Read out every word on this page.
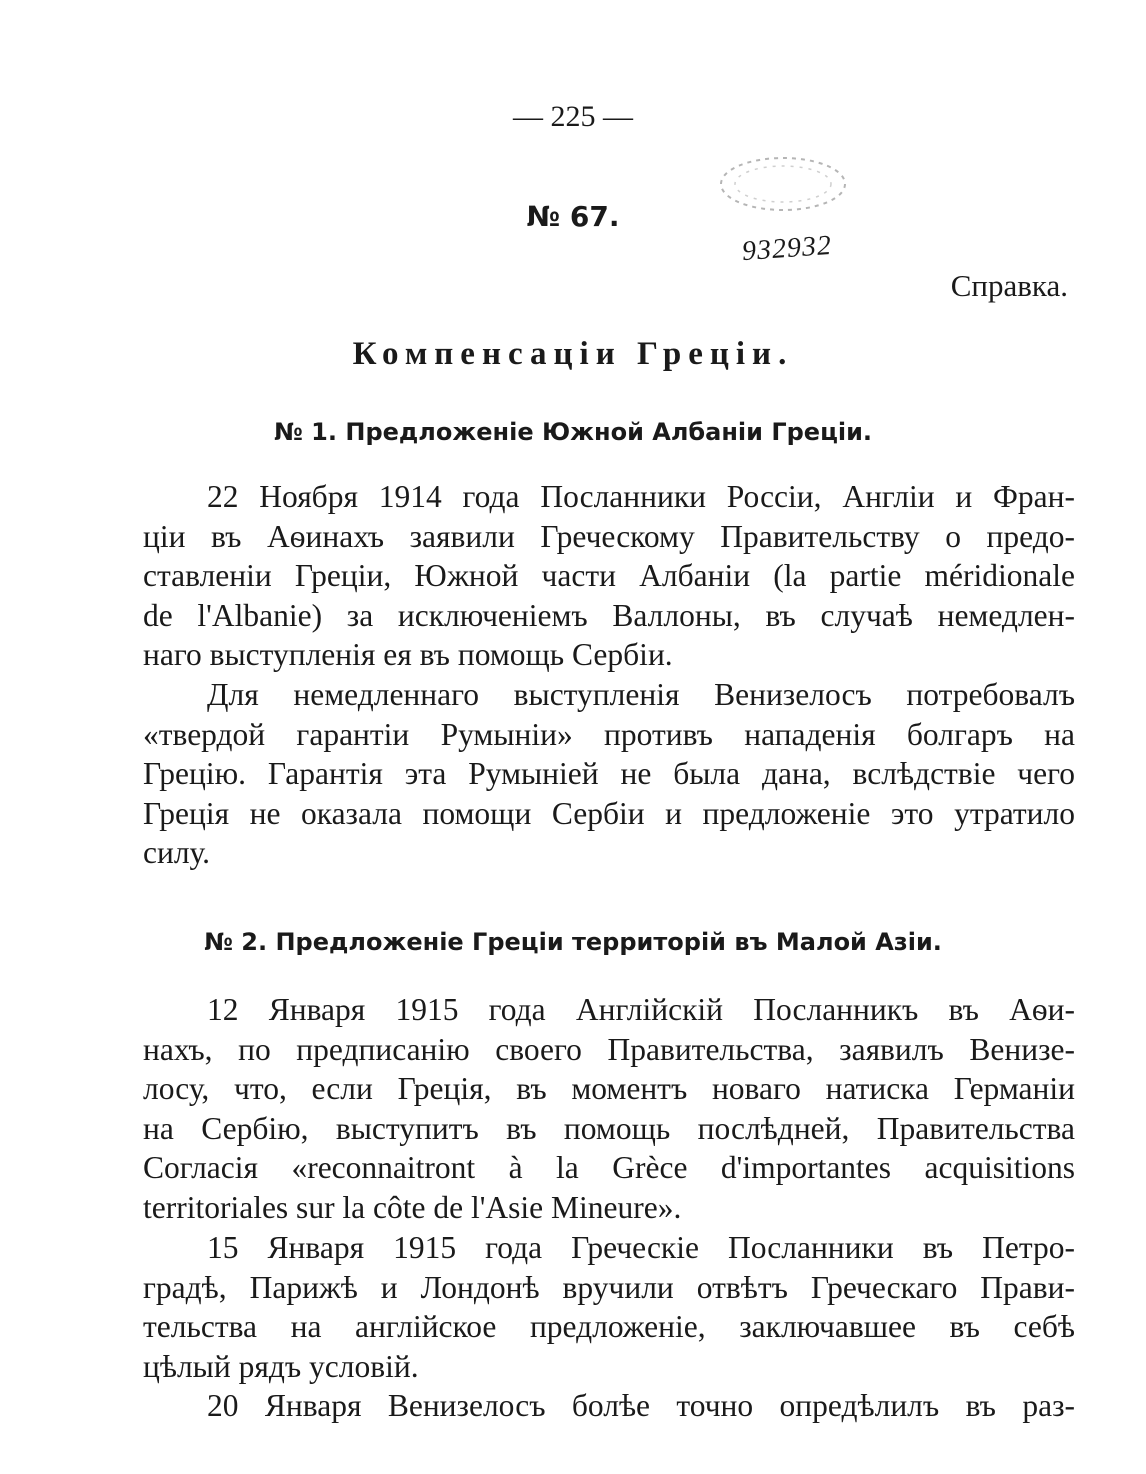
— 225 —
№ 67.
932932
Справка.
Компенсаціи Греціи.
№ 1. Предложеніе Южной Албаніи Греціи.
22 Ноября 1914 года Посланники Россіи, Англіи и Фран-
ціи въ Аѳинахъ заявили Греческому Правительству о предо-
ставленіи Греціи, Южной части Албаніи (la partie méridionale
de l'Albanie) за исключеніемъ Валлоны, въ случаѣ немедлен-
наго выступленія ея въ помощь Сербіи.
Для немедленнаго выступленія Венизелосъ потребовалъ
«твердой гарантіи Румыніи» противъ нападенія болгаръ на
Грецію. Гарантія эта Румыніей не была дана, вслѣдствіе чего
Греція не оказала помощи Сербіи и предложеніе это утратило
силу.
№ 2. Предложеніе Греціи территорій въ Малой Азіи.
12 Января 1915 года Англійскій Посланникъ въ Аѳи-
нахъ, по предписанію своего Правительства, заявилъ Венизе-
лосу, что, если Греція, въ моментъ новаго натиска Германіи
на Сербію, выступитъ въ помощь послѣдней, Правительства
Согласія «reconnaitront à la Grèce d'importantes acquisitions
territoriales sur la côte de l'Asie Mineure».
15 Января 1915 года Греческіе Посланники въ Петро-
градѣ, Парижѣ и Лондонѣ вручили отвѣтъ Греческаго Прави-
тельства на англійское предложеніе, заключавшее въ себѣ
цѣлый рядъ условій.
20 Января Венизелосъ болѣе точно опредѣлилъ въ раз-
